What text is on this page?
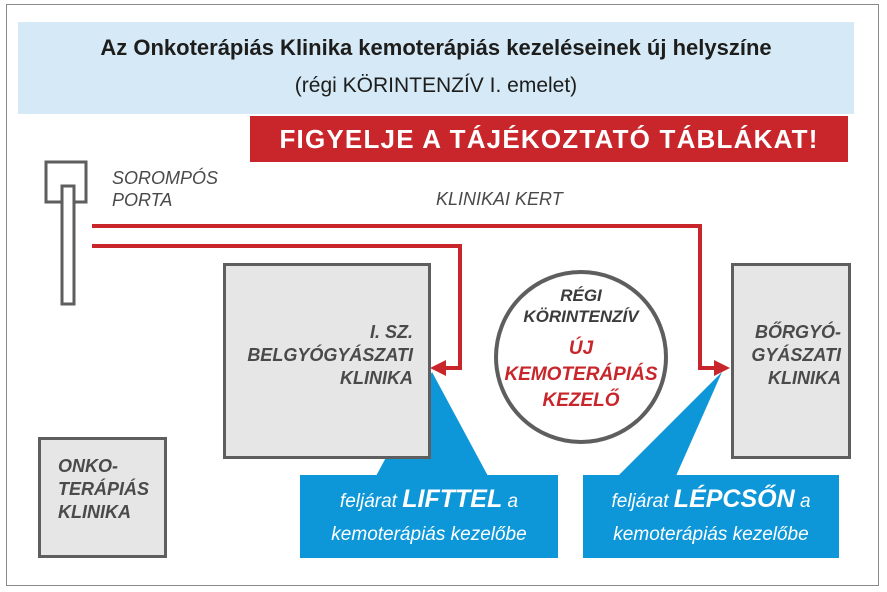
Az Onkoterápiás Klinika kemoterápiás kezeléseinek új helyszíne
(régi KÖRINTENZÍV I. emelet)
FIGYELJE A TÁJÉKOZTATÓ TÁBLÁKAT!
SOROMPÓS
PORTA	KLINIKAI KERT
I. SZ.
BELGYÓGYÁSZATI
KLINIKA
BŐRGYÓ-
GYÁSZATI
KLINIKA
ONKO-
TERÁPIÁS
KLINIKA
RÉGI
KÖRINTENZÍV
ÚJ
KEMOTERÁPIÁS
KEZELŐ
feljárat LIFTTEL a
kemoterápiás kezelőbe
feljárat LÉPCSŐN a
kemoterápiás kezelőbe
